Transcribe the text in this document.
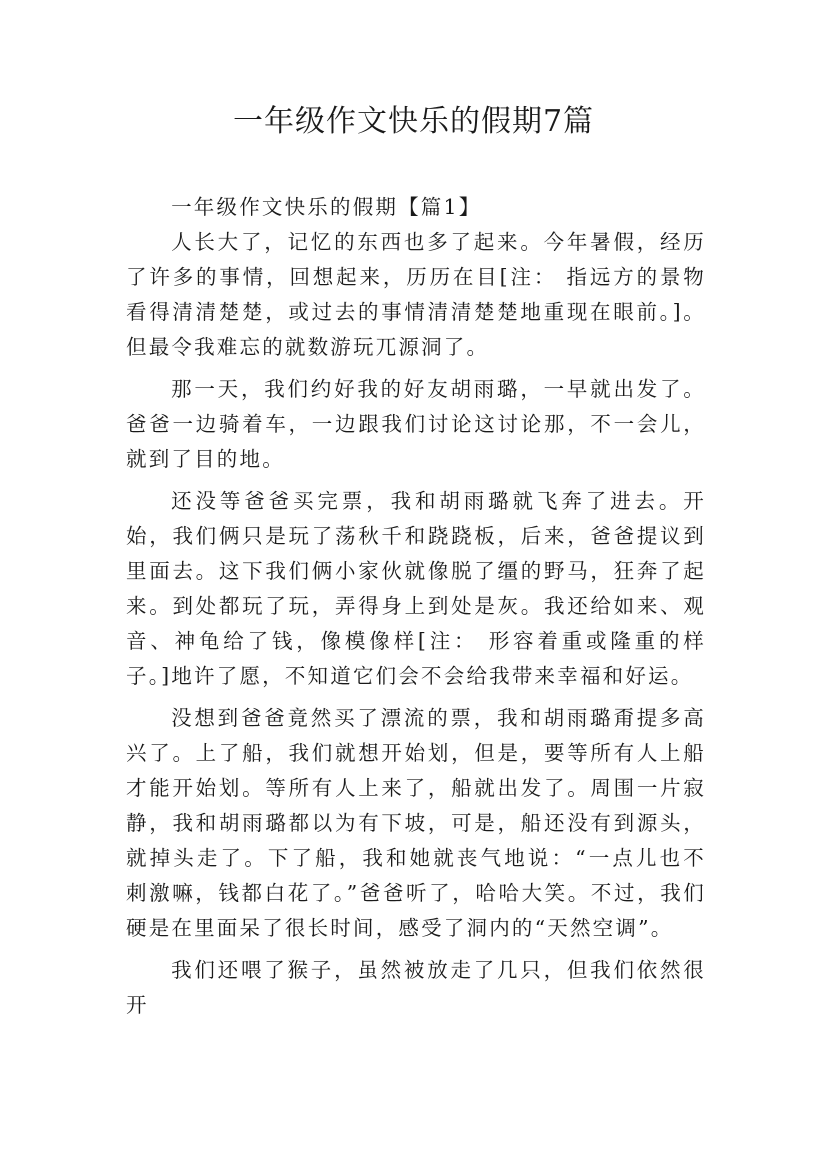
一年级作文快乐的假期7篇

一年级作文快乐的假期【篇1】

人长大了，记忆的东西也多了起来。今年暑假，经历了许多的事情，回想起来，历历在目[注： 指远方的景物看得清清楚楚，或过去的事情清清楚楚地重现在眼前。]。但最令我难忘的就数游玩兀源洞了。

那一天，我们约好我的好友胡雨璐，一早就出发了。爸爸一边骑着车，一边跟我们讨论这讨论那，不一会儿，就到了目的地。

还没等爸爸买完票，我和胡雨璐就飞奔了进去。开始，我们俩只是玩了荡秋千和跷跷板，后来，爸爸提议到里面去。这下我们俩小家伙就像脱了缰的野马，狂奔了起来。到处都玩了玩，弄得身上到处是灰。我还给如来、观音、神龟给了钱，像模像样[注： 形容着重或隆重的样子。]地许了愿，不知道它们会不会给我带来幸福和好运。

没想到爸爸竟然买了漂流的票，我和胡雨璐甭提多高兴了。上了船，我们就想开始划，但是，要等所有人上船才能开始划。等所有人上来了，船就出发了。周围一片寂静，我和胡雨璐都以为有下坡，可是，船还没有到源头，就掉头走了。下了船，我和她就丧气地说：“一点儿也不刺激嘛，钱都白花了。”爸爸听了，哈哈大笑。不过，我们硬是在里面呆了很长时间，感受了洞内的“天然空调”。

我们还喂了猴子，虽然被放走了几只，但我们依然很开
